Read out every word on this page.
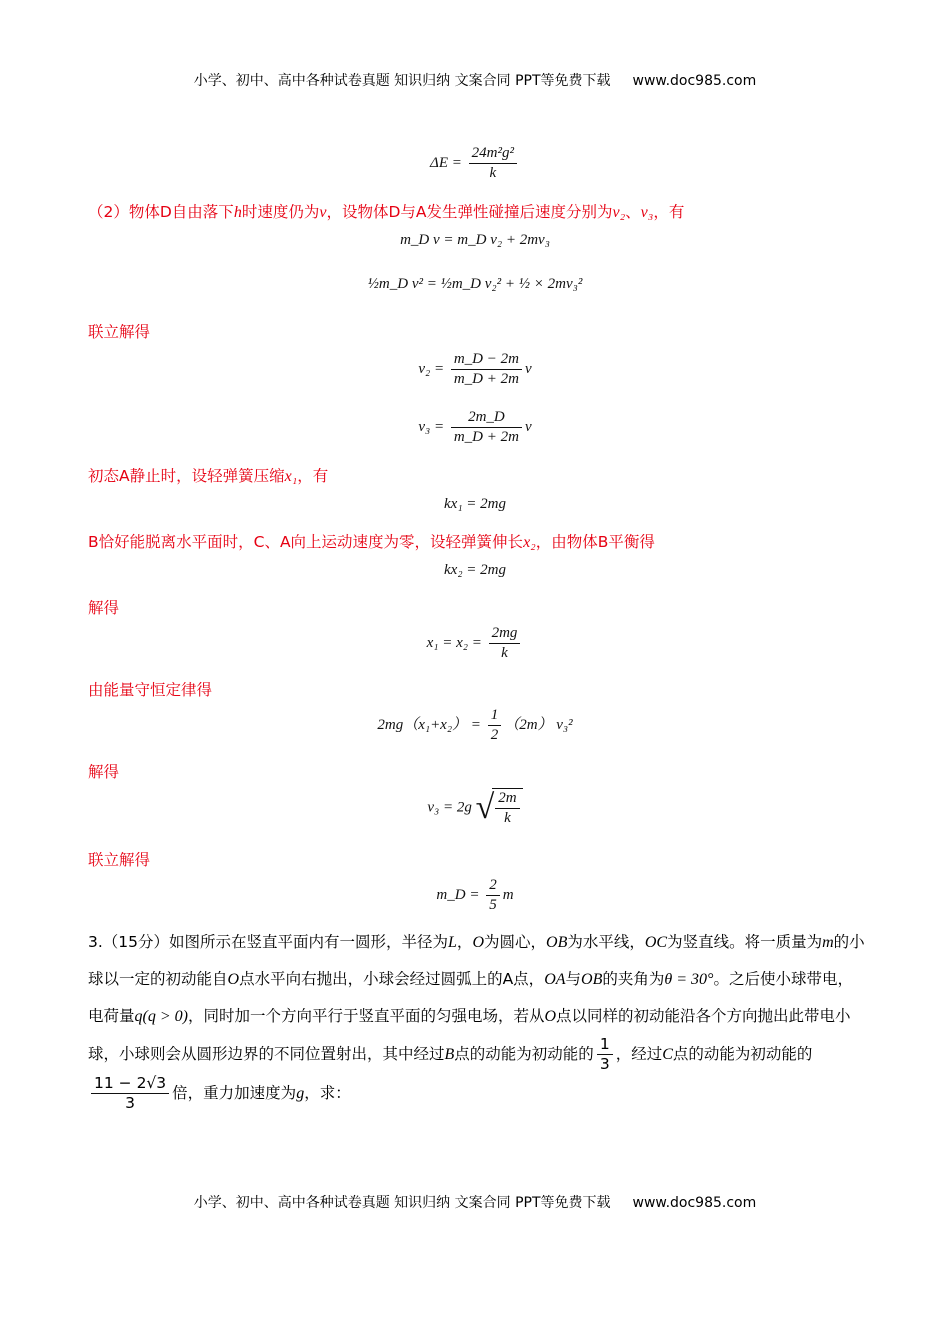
小学、初中、高中各种试卷真题 知识归纳 文案合同 PPT等免费下载 www.doc985.com
$\Delta E = \frac{\text{24m²g²}}{k}$
（2）物体D自由落下h时速度仍为v，设物体D与A发生弹性碰撞后速度分别为v₂、v₃，有
m_D v = m_D v₂ + 2mv₃
½m_D v² = ½m_D v₂² + ½ × 2mv₃²
联立解得
$v_2 = \frac{m\_D - 2m}{m\_D + 2m}$ v
$v_3 = \frac{2m\_D}{m\_D + 2m}$ v
初态A静止时，设轻弹簧压缩x₁，有
kx₁ = 2mg
B恰好能脱离水平面时，C、A向上运动速度为零，设轻弹簧伸长x₂，由物体B平衡得
kx₂ = 2mg
解得
$x_1 = x_2 = \frac{2mg}{k}$
由能量守恒定律得
$2mg(x_1+x_2) = \frac{1}{2} (2m)$ v₃²
解得
v₃ = 2g √ $\frac{2m}{k}$
联立解得
m_D = $\frac{2}{5}$ m
3.（15分）如图所示在竖直平面内有一圆形，半径为L，O为圆心，OB为水平线，OC为竖直线。将一质量为m的小球以一定的初动能自O点水平向右抛出，小球会经过圆弧上的A点，OA与OB的夹角为θ = 30°。之后使小球带电，电荷量q(q > 0)，同时加一个方向平行于竖直平面的匀强电场，若从O点以同样的初动能沿各个方向抛出此带电小球，小球则会从圆形边界的不同位置射出，其中经过B点的动能为初动能的 $\frac{1}{3}$ ，经过C点的动能为初动能的
$\frac{11 - 2√3}{3}$ 倍，重力加速度为g，求：
小学、初中、高中各种试卷真题 知识归纳 文案合同 PPT等免费下载 www.doc985.com
